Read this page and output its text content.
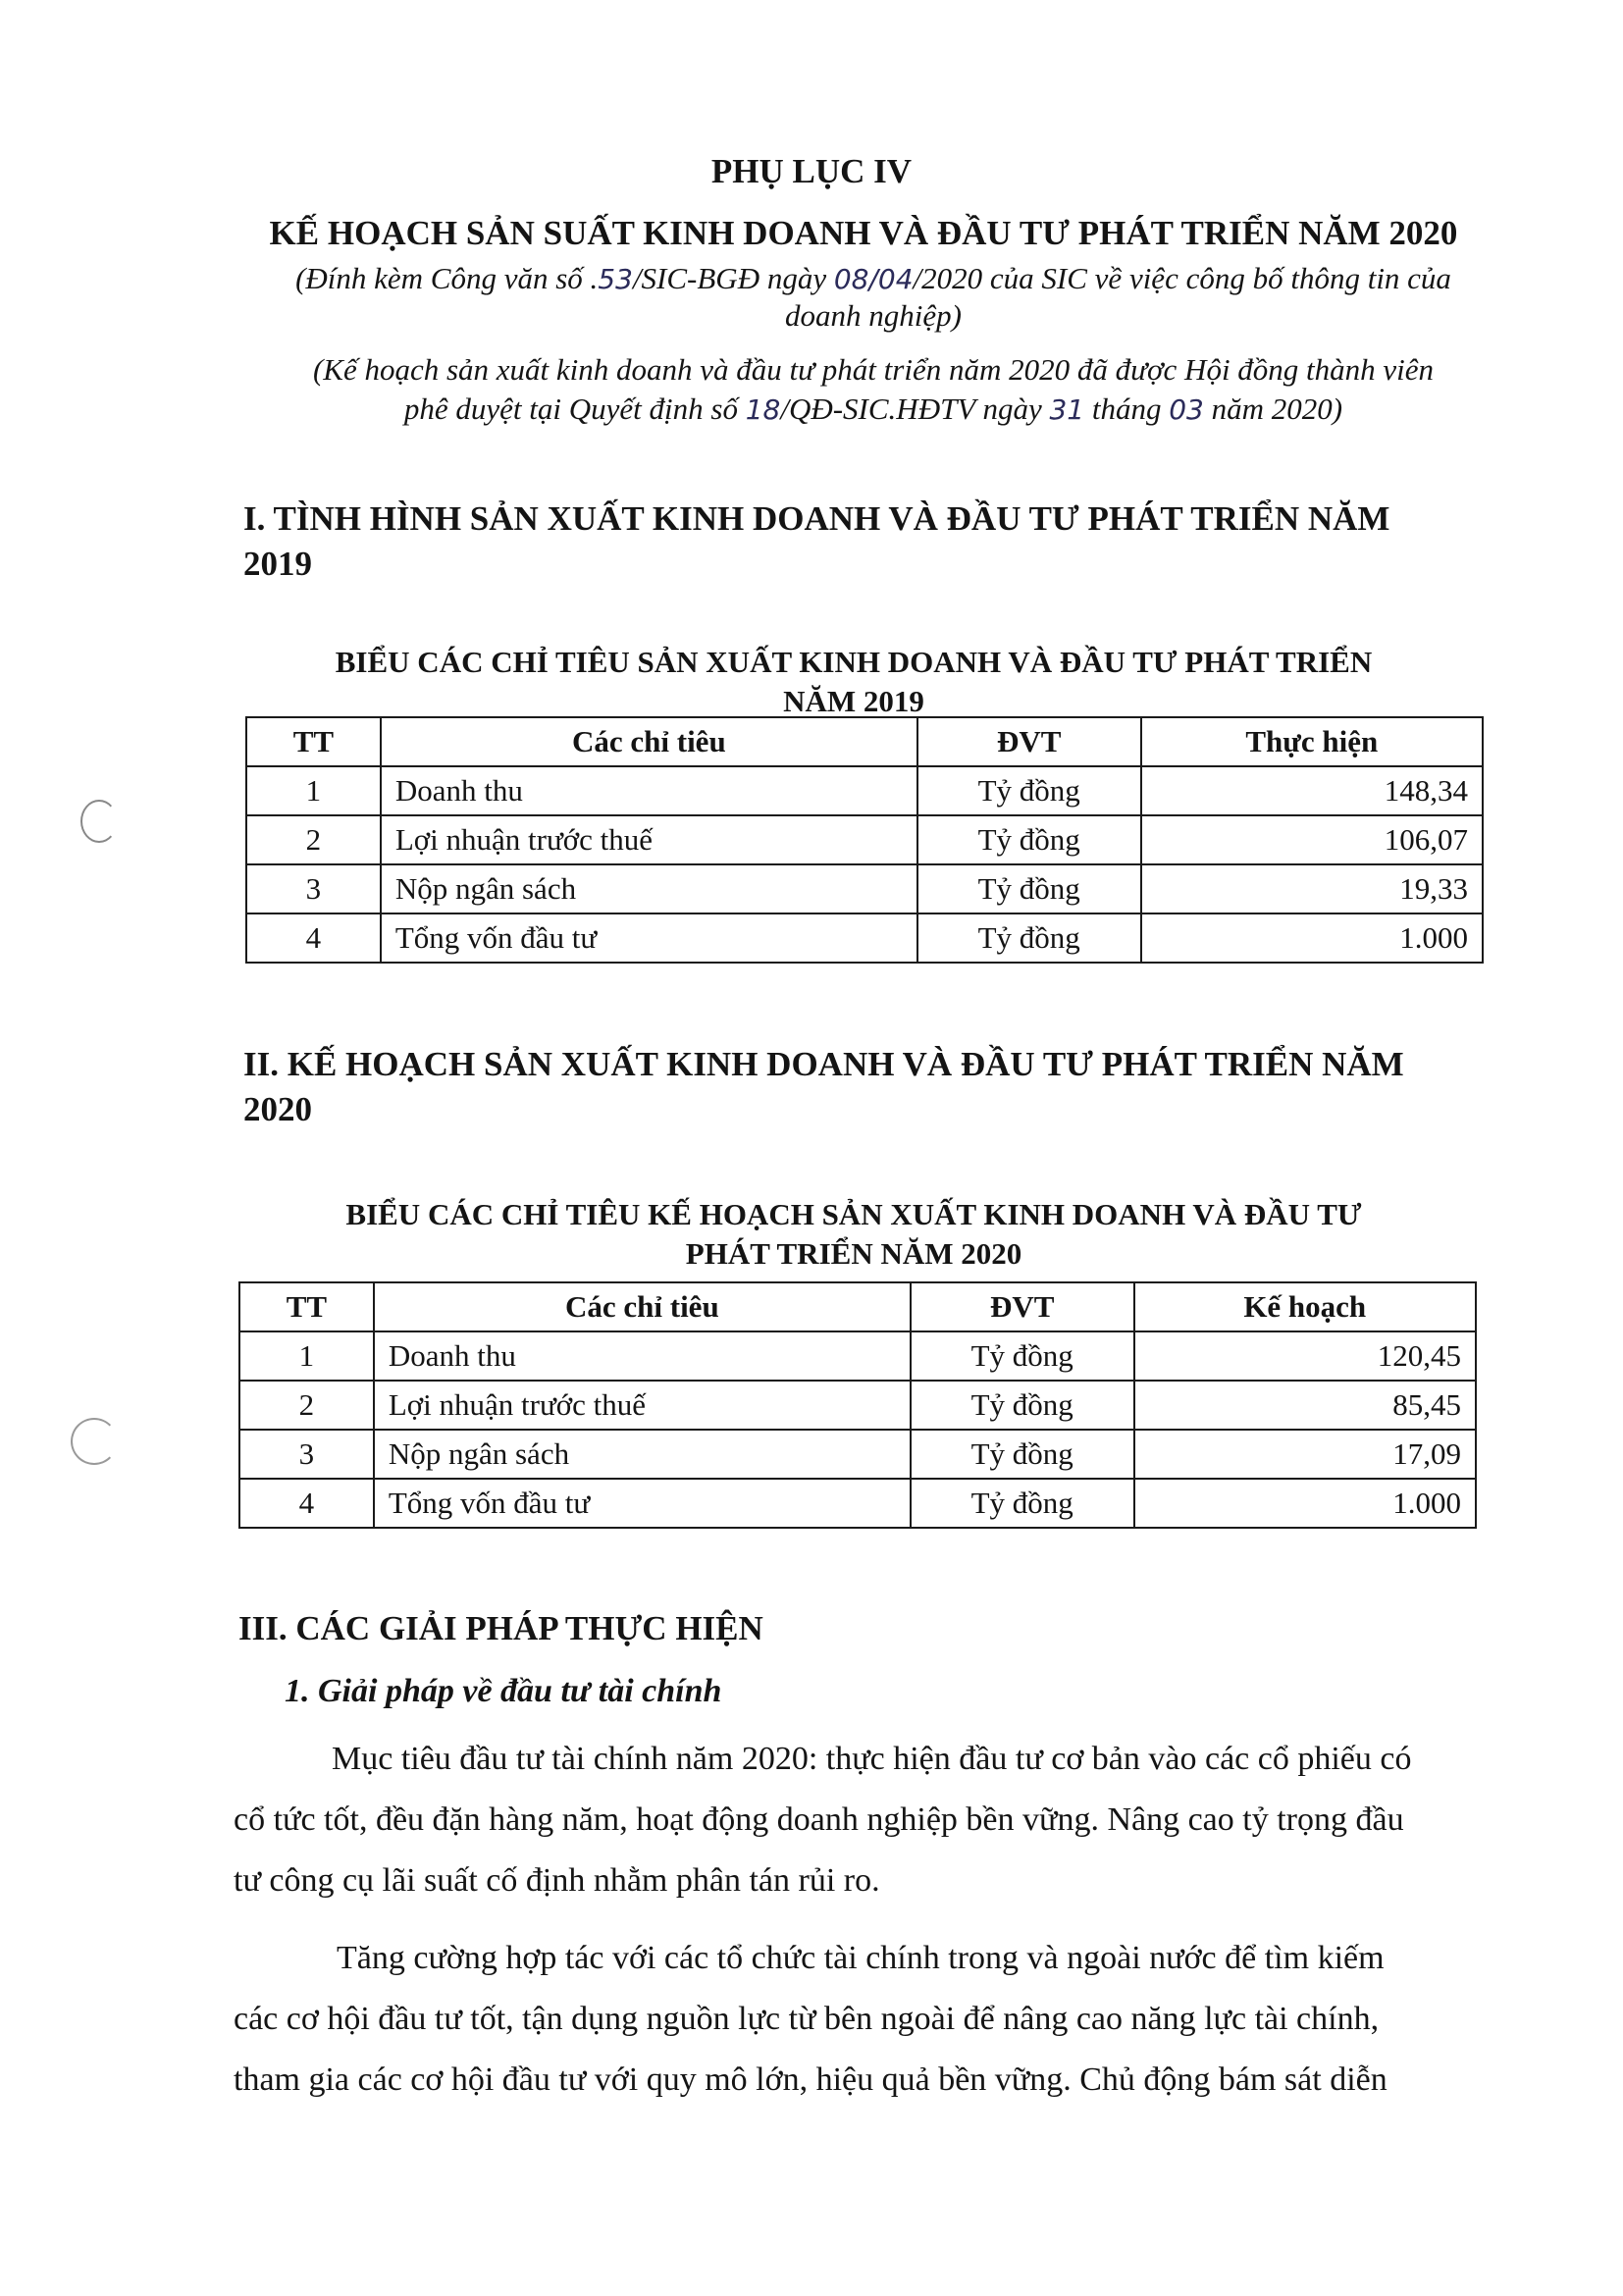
PHỤ LỤC IV
KẾ HOẠCH SẢN SUẤT KINH DOANH VÀ ĐẦU TƯ PHÁT TRIỂN NĂM 2020
(Đính kèm Công văn số .53/SIC-BGĐ ngày 08/04/2020 của SIC về việc công bố thông tin của
doanh nghiệp)
(Kế hoạch sản xuất kinh doanh và đầu tư phát triển năm 2020 đã được Hội đồng thành viên
phê duyệt tại Quyết định số 18/QĐ-SIC.HĐTV ngày 31 tháng 03 năm 2020)
I. TÌNH HÌNH SẢN XUẤT KINH DOANH VÀ ĐẦU TƯ PHÁT TRIỂN NĂM
2019
BIỂU CÁC CHỈ TIÊU SẢN XUẤT KINH DOANH VÀ ĐẦU TƯ PHÁT TRIỂN
NĂM 2019
TT	Các chỉ tiêu	ĐVT	Thực hiện
1	Doanh thu	Tỷ đồng	148,34
2	Lợi nhuận trước thuế	Tỷ đồng	106,07
3	Nộp ngân sách	Tỷ đồng	19,33
4	Tổng vốn đầu tư	Tỷ đồng	1.000
II. KẾ HOẠCH SẢN XUẤT KINH DOANH VÀ ĐẦU TƯ PHÁT TRIỂN NĂM
2020
BIỂU CÁC CHỈ TIÊU KẾ HOẠCH SẢN XUẤT KINH DOANH VÀ ĐẦU TƯ
PHÁT TRIỂN NĂM 2020
TT	Các chỉ tiêu	ĐVT	Kế hoạch
1	Doanh thu	Tỷ đồng	120,45
2	Lợi nhuận trước thuế	Tỷ đồng	85,45
3	Nộp ngân sách	Tỷ đồng	17,09
4	Tổng vốn đầu tư	Tỷ đồng	1.000
III. CÁC GIẢI PHÁP THỰC HIỆN
1. Giải pháp về đầu tư tài chính
Mục tiêu đầu tư tài chính năm 2020: thực hiện đầu tư cơ bản vào các cổ phiếu có
cổ tức tốt, đều đặn hàng năm, hoạt động doanh nghiệp bền vững. Nâng cao tỷ trọng đầu
tư công cụ lãi suất cố định nhằm phân tán rủi ro.
Tăng cường hợp tác với các tổ chức tài chính trong và ngoài nước để tìm kiếm
các cơ hội đầu tư tốt, tận dụng nguồn lực từ bên ngoài để nâng cao năng lực tài chính,
tham gia các cơ hội đầu tư với quy mô lớn, hiệu quả bền vững. Chủ động bám sát diễn
